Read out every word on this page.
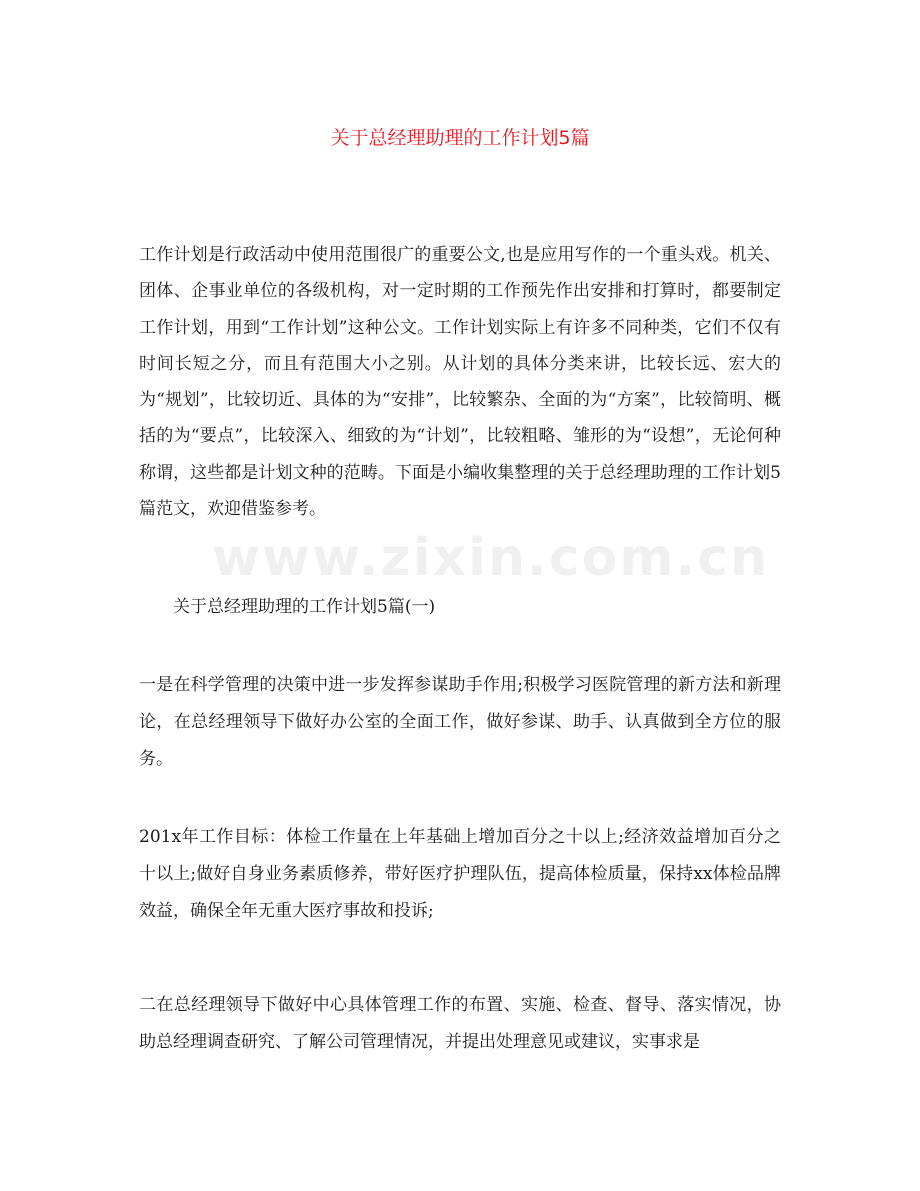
www.zixin.com.cn
关于总经理助理的工作计划5篇

工作计划是行政活动中使用范围很广的重要公文,也是应用写作的一个重头戏。机关、团体、企事业单位的各级机构，对一定时期的工作预先作出安排和打算时，都要制定工作计划，用到“工作计划”这种公文。工作计划实际上有许多不同种类，它们不仅有时间长短之分，而且有范围大小之别。从计划的具体分类来讲，比较长远、宏大的为“规划”，比较切近、具体的为“安排”，比较繁杂、全面的为“方案”，比较简明、概括的为“要点”，比较深入、细致的为“计划”，比较粗略、雏形的为“设想”，无论何种称谓，这些都是计划文种的范畴。下面是小编收集整理的关于总经理助理的工作计划5篇范文，欢迎借鉴参考。

关于总经理助理的工作计划5篇(一)

一是在科学管理的决策中进一步发挥参谋助手作用;积极学习医院管理的新方法和新理论，在总经理领导下做好办公室的全面工作，做好参谋、助手、认真做到全方位的服务。

201x年工作目标：体检工作量在上年基础上增加百分之十以上;经济效益增加百分之十以上;做好自身业务素质修养，带好医疗护理队伍，提高体检质量，保持xx体检品牌效益，确保全年无重大医疗事故和投诉;

二在总经理领导下做好中心具体管理工作的布置、实施、检查、督导、落实情况，协助总经理调查研究、了解公司管理情况，并提出处理意见或建议，实事求是
